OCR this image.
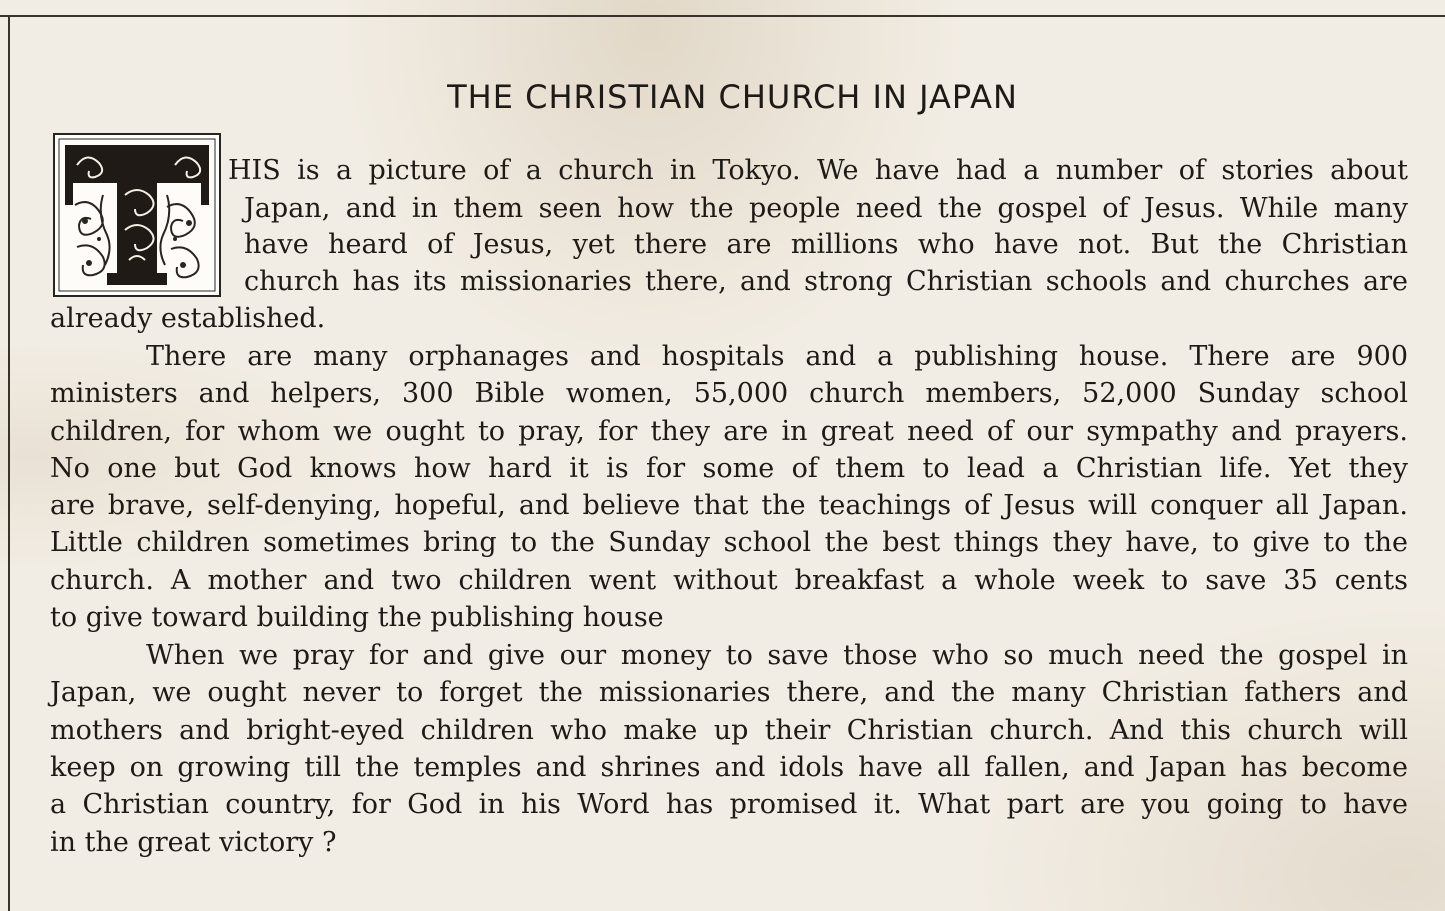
THE CHRISTIAN CHURCH IN JAPAN
HIS is a picture of a church in Tokyo. We have had a number of stories about
Japan, and in them seen how the people need the gospel of Jesus. While many
have heard of Jesus, yet there are millions who have not. But the Christian
church has its missionaries there, and strong Christian schools and churches are
already established.
There are many orphanages and hospitals and a publishing house. There are 900
ministers and helpers, 300 Bible women, 55,000 church members, 52,000 Sunday school
children, for whom we ought to pray, for they are in great need of our sympathy and prayers.
No one but God knows how hard it is for some of them to lead a Christian life. Yet they
are brave, self-denying, hopeful, and believe that the teachings of Jesus will conquer all Japan.
Little children sometimes bring to the Sunday school the best things they have, to give to the
church. A mother and two children went without breakfast a whole week to save 35 cents
to give toward building the publishing house
When we pray for and give our money to save those who so much need the gospel in
Japan, we ought never to forget the missionaries there, and the many Christian fathers and
mothers and bright-eyed children who make up their Christian church. And this church will
keep on growing till the temples and shrines and idols have all fallen, and Japan has become
a Christian country, for God in his Word has promised it. What part are you going to have
in the great victory ?
